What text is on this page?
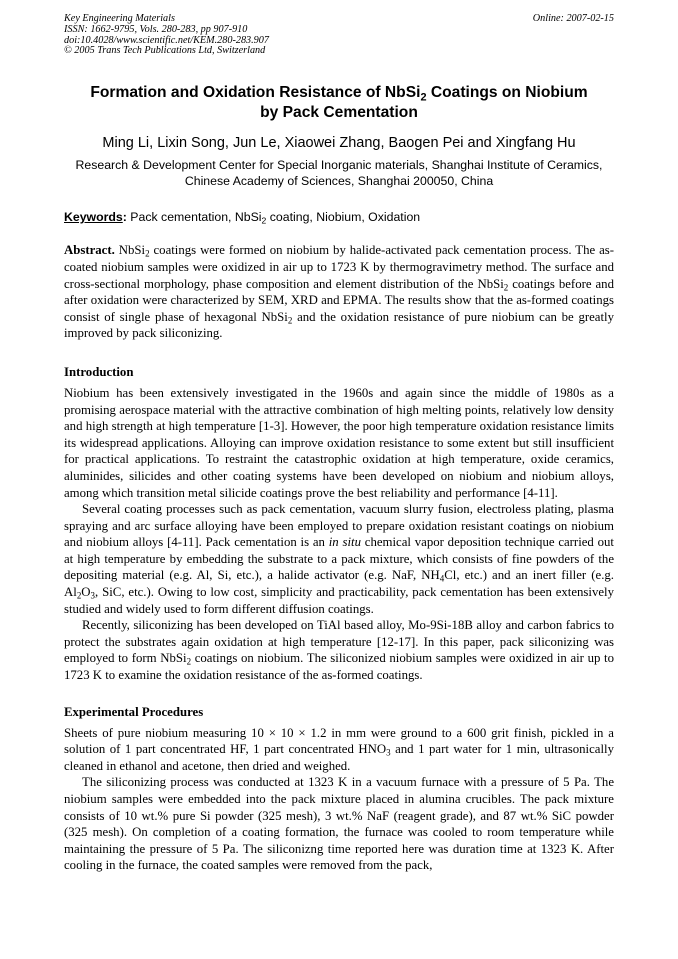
Key Engineering Materials
ISSN: 1662-9795, Vols. 280-283, pp 907-910
doi:10.4028/www.scientific.net/KEM.280-283.907
© 2005 Trans Tech Publications Ltd, Switzerland
Online: 2007-02-15
Formation and Oxidation Resistance of NbSi$_2$ Coatings on Niobium
by Pack Cementation
Ming Li, Lixin Song, Jun Le, Xiaowei Zhang, Baogen Pei and Xingfang Hu
Research & Development Center for Special Inorganic materials, Shanghai Institute of Ceramics,
Chinese Academy of Sciences, Shanghai 200050, China
Keywords: Pack cementation, NbSi$_2$ coating, Niobium, Oxidation
Abstract. NbSi$_2$ coatings were formed on niobium by halide-activated pack cementation process. The as-coated niobium samples were oxidized in air up to 1723 K by thermogravimetry method. The surface and cross-sectional morphology, phase composition and element distribution of the NbSi$_2$ coatings before and after oxidation were characterized by SEM, XRD and EPMA. The results show that the as-formed coatings consist of single phase of hexagonal NbSi$_2$ and the oxidation resistance of pure niobium can be greatly improved by pack siliconizing.
Introduction

Niobium has been extensively investigated in the 1960s and again since the middle of 1980s as a promising aerospace material with the attractive combination of high melting points, relatively low density and high strength at high temperature [1-3]. However, the poor high temperature oxidation resistance limits its widespread applications. Alloying can improve oxidation resistance to some extent but still insufficient for practical applications. To restraint the catastrophic oxidation at high temperature, oxide ceramics, aluminides, silicides and other coating systems have been developed on niobium and niobium alloys, among which transition metal silicide coatings prove the best reliability and performance [4-11].

Several coating processes such as pack cementation, vacuum slurry fusion, electroless plating, plasma spraying and arc surface alloying have been employed to prepare oxidation resistant coatings on niobium and niobium alloys [4-11]. Pack cementation is an in situ chemical vapor deposition technique carried out at high temperature by embedding the substrate to a pack mixture, which consists of fine powders of the depositing material (e.g. Al, Si, etc.), a halide activator (e.g. NaF, $NH_4Cl$, etc.) and an inert filler (e.g. $Al_2O_3$, SiC, etc.). Owing to low cost, simplicity and practicability, pack cementation has been extensively studied and widely used to form different diffusion coatings.

Recently, siliconizing has been developed on TiAl based alloy, Mo-9Si-18B alloy and carbon fabrics to protect the substrates again oxidation at high temperature [12-17]. In this paper, pack siliconizing was employed to form NbSi$_2$ coatings on niobium. The siliconized niobium samples were oxidized in air up to 1723 K to examine the oxidation resistance of the as-formed coatings.

Experimental Procedures

Sheets of pure niobium measuring 10 × 10 × 1.2 in mm were ground to a 600 grit finish, pickled in a solution of 1 part concentrated HF, 1 part concentrated $HNO_3$ and 1 part water for 1 min, ultrasonically cleaned in ethanol and acetone, then dried and weighed.

The siliconizing process was conducted at 1323 K in a vacuum furnace with a pressure of 5 Pa. The niobium samples were embedded into the pack mixture placed in alumina crucibles. The pack mixture consists of 10 wt.% pure Si powder (325 mesh), 3 wt.% NaF (reagent grade), and 87 wt.% SiC powder (325 mesh). On completion of a coating formation, the furnace was cooled to room temperature while maintaining the pressure of 5 Pa. The siliconizng time reported here was duration time at 1323 K. After cooling in the furnace, the coated samples were removed from the pack,
